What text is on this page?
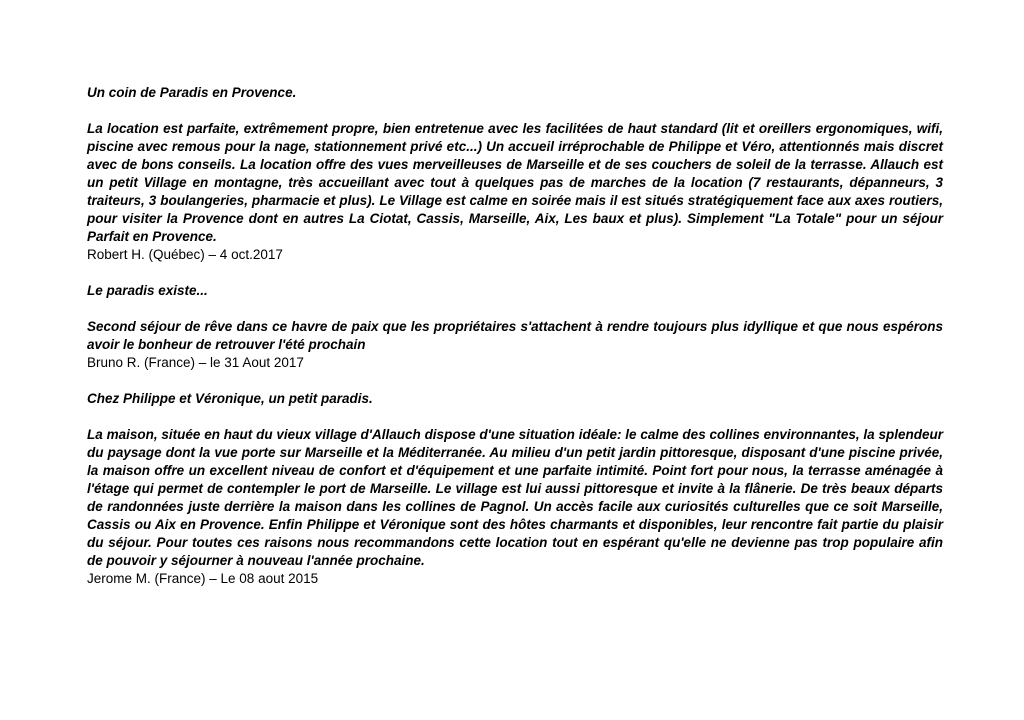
Un coin de Paradis en Provence.

La location est parfaite, extrêmement propre, bien entretenue avec les facilitées de haut standard (lit et oreillers ergonomiques, wifi, piscine avec remous pour la nage, stationnement privé etc...) Un accueil irréprochable de Philippe et Véro, attentionnés mais discret avec de bons conseils. La location offre des vues merveilleuses de Marseille et de ses couchers de soleil de la terrasse. Allauch est un petit Village en montagne, très accueillant avec tout à quelques pas de marches de la location (7 restaurants, dépanneurs, 3 traiteurs, 3 boulangeries, pharmacie et plus). Le Village est calme en soirée mais il est situés stratégiquement face aux axes routiers, pour visiter la Provence dont en autres La Ciotat, Cassis, Marseille, Aix, Les baux et plus). Simplement "La Totale" pour un séjour Parfait en Provence.

Robert H. (Québec) – 4 oct.2017

Le paradis existe...

Second séjour de rêve dans ce havre de paix que les propriétaires s'attachent à rendre toujours plus idyllique et que nous espérons avoir le bonheur de retrouver l'été prochain

Bruno R. (France) – le 31 Aout 2017

Chez Philippe et Véronique, un petit paradis.

La maison, située en haut du vieux village d'Allauch dispose d'une situation idéale: le calme des collines environnantes, la splendeur du paysage dont la vue porte sur Marseille et la Méditerranée. Au milieu d'un petit jardin pittoresque, disposant d'une piscine privée, la maison offre un excellent niveau de confort et d'équipement et une parfaite intimité. Point fort pour nous, la terrasse aménagée à l'étage qui permet de contempler le port de Marseille. Le village est lui aussi pittoresque et invite à la flânerie. De très beaux départs de randonnées juste derrière la maison dans les collines de Pagnol. Un accès facile aux curiosités culturelles que ce soit Marseille, Cassis ou Aix en Provence. Enfin Philippe et Véronique sont des hôtes charmants et disponibles, leur rencontre fait partie du plaisir du séjour. Pour toutes ces raisons nous recommandons cette location tout en espérant qu'elle ne devienne pas trop populaire afin de pouvoir y séjourner à nouveau l'année prochaine.

Jerome M. (France) – Le 08 aout 2015
